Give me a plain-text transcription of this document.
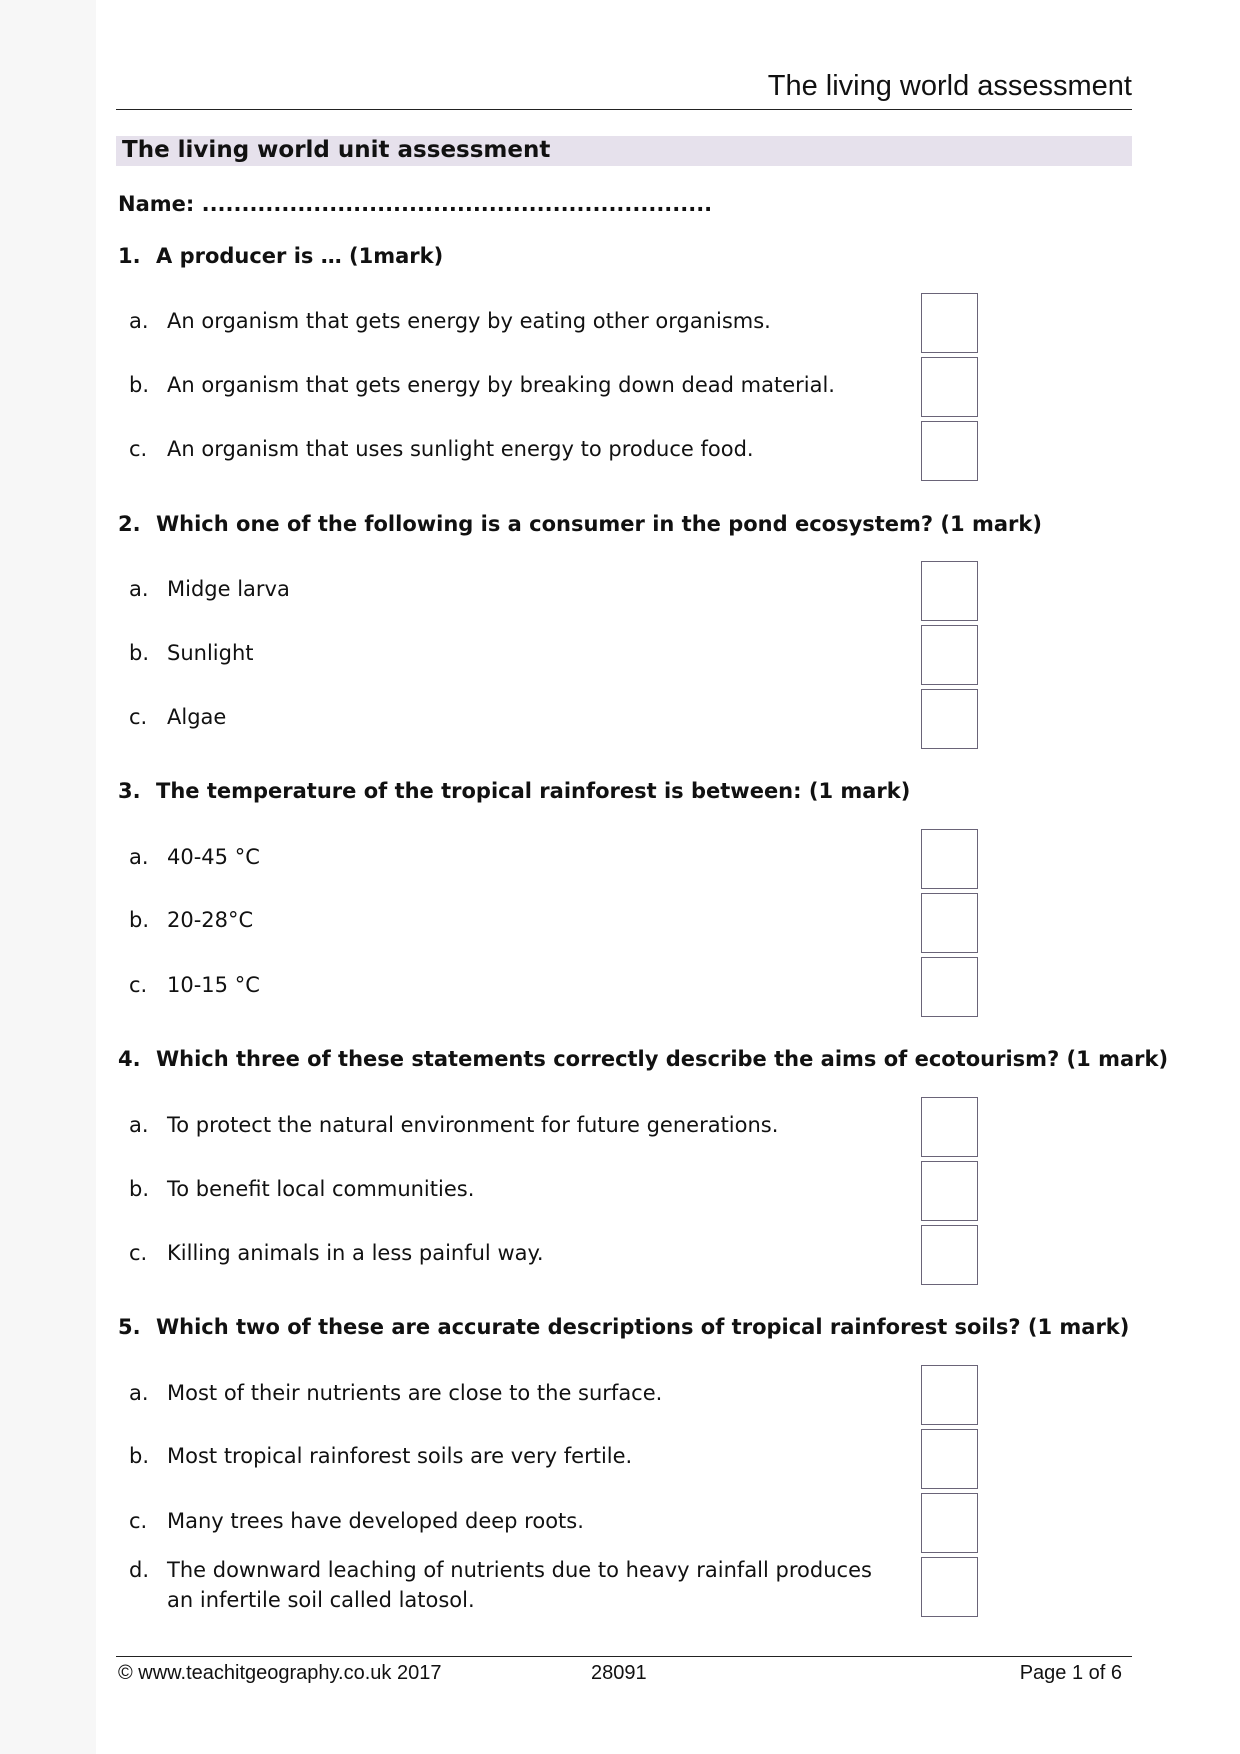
The living world assessment
The living world unit assessment
Name: ................................................................
1. A producer is … (1mark)
a. An organism that gets energy by eating other organisms.
b. An organism that gets energy by breaking down dead material.
c. An organism that uses sunlight energy to produce food.
2. Which one of the following is a consumer in the pond ecosystem? (1 mark)
a. Midge larva
b. Sunlight
c. Algae
3. The temperature of the tropical rainforest is between: (1 mark)
a. 40-45 °C
b. 20-28°C
c. 10-15 °C
4. Which three of these statements correctly describe the aims of ecotourism? (1 mark)
a. To protect the natural environment for future generations.
b. To benefit local communities.
c. Killing animals in a less painful way.
5. Which two of these are accurate descriptions of tropical rainforest soils? (1 mark)
a. Most of their nutrients are close to the surface.
b. Most tropical rainforest soils are very fertile.
c. Many trees have developed deep roots.
d. The downward leaching of nutrients due to heavy rainfall produces
an infertile soil called latosol.
© www.teachitgeography.co.uk 2017	28091	Page 1 of 6
